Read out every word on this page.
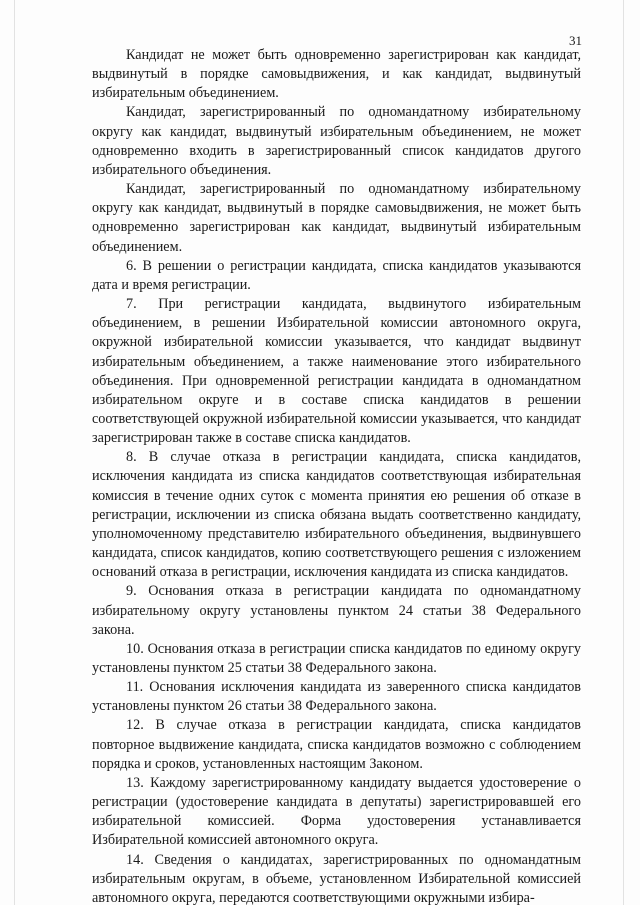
31

Кандидат не может быть одновременно зарегистрирован как кандидат, выдвинутый в порядке самовыдвижения, и как кандидат, выдвинутый избирательным объединением.

Кандидат, зарегистрированный по одномандатному избирательному округу как кандидат, выдвинутый избирательным объединением, не может одновременно входить в зарегистрированный список кандидатов другого избирательного объединения.

Кандидат, зарегистрированный по одномандатному избирательному округу как кандидат, выдвинутый в порядке самовыдвижения, не может быть одновременно зарегистрирован как кандидат, выдвинутый избирательным объединением.

6. В решении о регистрации кандидата, списка кандидатов указываются дата и время регистрации.

7. При регистрации кандидата, выдвинутого избирательным объединением, в решении Избирательной комиссии автономного округа, окружной избирательной комиссии указывается, что кандидат выдвинут избирательным объединением, а также наименование этого избирательного объединения. При одновременной регистрации кандидата в одномандатном избирательном округе и в составе списка кандидатов в решении соответствующей окружной избирательной комиссии указывается, что кандидат зарегистрирован также в составе списка кандидатов.

8. В случае отказа в регистрации кандидата, списка кандидатов, исключения кандидата из списка кандидатов соответствующая избирательная комиссия в течение одних суток с момента принятия ею решения об отказе в регистрации, исключении из списка обязана выдать соответственно кандидату, уполномоченному представителю избирательного объединения, выдвинувшего кандидата, список кандидатов, копию соответствующего решения с изложением оснований отказа в регистрации, исключения кандидата из списка кандидатов.

9. Основания отказа в регистрации кандидата по одномандатному избирательному округу установлены пунктом 24 статьи 38 Федерального закона.

10. Основания отказа в регистрации списка кандидатов по единому округу установлены пунктом 25 статьи 38 Федерального закона.

11. Основания исключения кандидата из заверенного списка кандидатов установлены пунктом 26 статьи 38 Федерального закона.

12. В случае отказа в регистрации кандидата, списка кандидатов повторное выдвижение кандидата, списка кандидатов возможно с соблюдением порядка и сроков, установленных настоящим Законом.

13. Каждому зарегистрированному кандидату выдается удостоверение о регистрации (удостоверение кандидата в депутаты) зарегистрировавшей его избирательной комиссией. Форма удостоверения устанавливается Избирательной комиссией автономного округа.

14. Сведения о кандидатах, зарегистрированных по одномандатным избирательным округам, в объеме, установленном Избирательной комиссией автономного округа, передаются соответствующими окружными избира-
